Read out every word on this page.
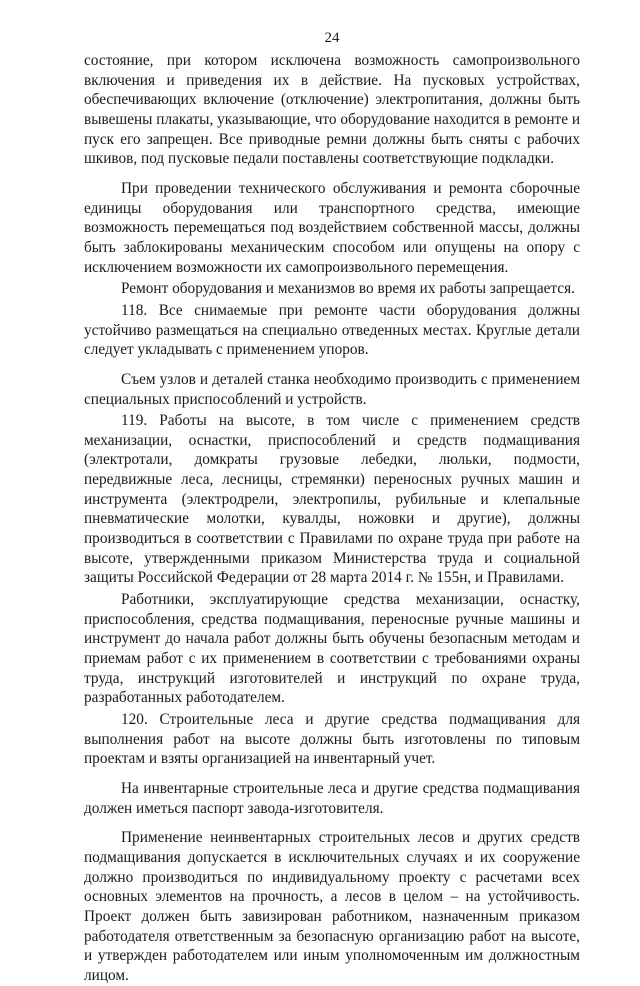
24

состояние, при котором исключена возможность самопроизвольного включения и приведения их в действие. На пусковых устройствах, обеспечивающих включение (отключение) электропитания, должны быть вывешены плакаты, указывающие, что оборудование находится в ремонте и пуск его запрещен. Все приводные ремни должны быть сняты с рабочих шкивов, под пусковые педали поставлены соответствующие подкладки.

При проведении технического обслуживания и ремонта сборочные единицы оборудования или транспортного средства, имеющие возможность перемещаться под воздействием собственной массы, должны быть заблокированы механическим способом или опущены на опору с исключением возможности их самопроизвольного перемещения.

Ремонт оборудования и механизмов во время их работы запрещается.

118. Все снимаемые при ремонте части оборудования должны устойчиво размещаться на специально отведенных местах. Круглые детали следует укладывать с применением упоров.

Съем узлов и деталей станка необходимо производить с применением специальных приспособлений и устройств.

119. Работы на высоте, в том числе с применением средств механизации, оснастки, приспособлений и средств подмащивания (электротали, домкраты грузовые лебедки, люльки, подмости, передвижные леса, лесницы, стремянки) переносных ручных машин и инструмента (электродрели, электропилы, рубильные и клепальные пневматические молотки, кувалды, ножовки и другие), должны производиться в соответствии с Правилами по охране труда при работе на высоте, утвержденными приказом Министерства труда и социальной защиты Российской Федерации от 28 марта 2014 г. № 155н, и Правилами.

Работники, эксплуатирующие средства механизации, оснастку, приспособления, средства подмащивания, переносные ручные машины и инструмент до начала работ должны быть обучены безопасным методам и приемам работ с их применением в соответствии с требованиями охраны труда, инструкций изготовителей и инструкций по охране труда, разработанных работодателем.

120. Строительные леса и другие средства подмащивания для выполнения работ на высоте должны быть изготовлены по типовым проектам и взяты организацией на инвентарный учет.

На инвентарные строительные леса и другие средства подмащивания должен иметься паспорт завода-изготовителя.

Применение неинвентарных строительных лесов и других средств подмащивания допускается в исключительных случаях и их сооружение должно производиться по индивидуальному проекту с расчетами всех основных элементов на прочность, а лесов в целом – на устойчивость. Проект должен быть завизирован работником, назначенным приказом работодателя ответственным за безопасную организацию работ на высоте, и утвержден работодателем или иным уполномоченным им должностным лицом.
